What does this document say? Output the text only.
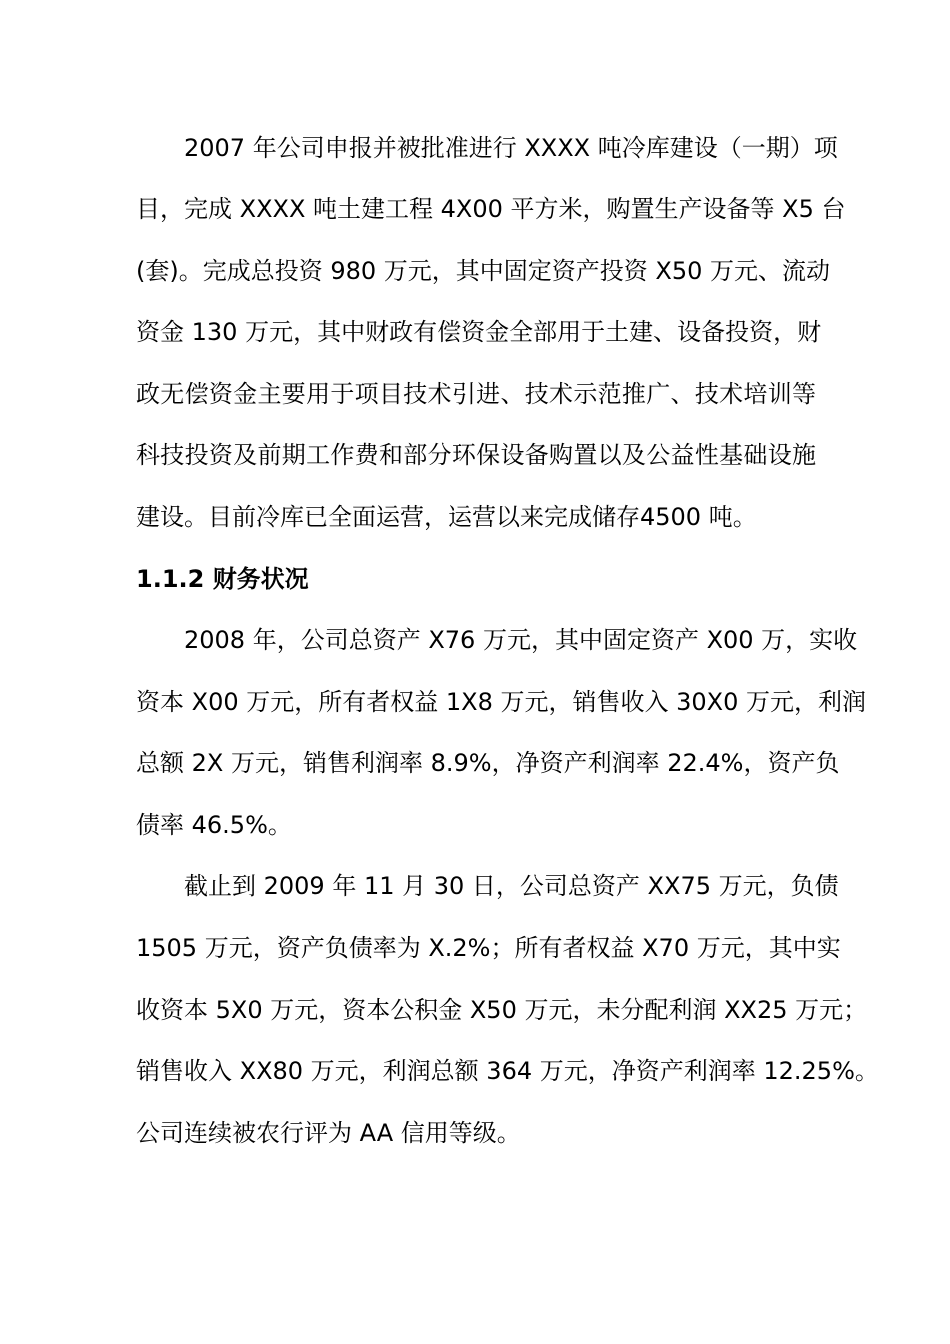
2007 年公司申报并被批准进行 XXXX 吨冷库建设（一期）项
目，完成 XXXX 吨土建工程 4X00 平方米，购置生产设备等 X5 台
(套)。完成总投资 980 万元，其中固定资产投资 X50 万元、流动
资金 130 万元，其中财政有偿资金全部用于土建、设备投资，财
政无偿资金主要用于项目技术引进、技术示范推广、技术培训等
科技投资及前期工作费和部分环保设备购置以及公益性基础设施
建设。目前冷库已全面运营，运营以来完成储存4500 吨。
1.1.2 财务状况
2008 年，公司总资产 X76 万元，其中固定资产 X00 万，实收
资本 X00 万元，所有者权益 1X8 万元，销售收入 30X0 万元，利润
总额 2X 万元，销售利润率 8.9%，净资产利润率 22.4%，资产负
债率 46.5%。
截止到 2009 年 11 月 30 日，公司总资产 XX75 万元，负债
1505 万元，资产负债率为 X.2%；所有者权益 X70 万元，其中实
收资本 5X0 万元，资本公积金 X50 万元，未分配利润 XX25 万元；
销售收入 XX80 万元，利润总额 364 万元，净资产利润率 12.25%。
公司连续被农行评为 AA 信用等级。
